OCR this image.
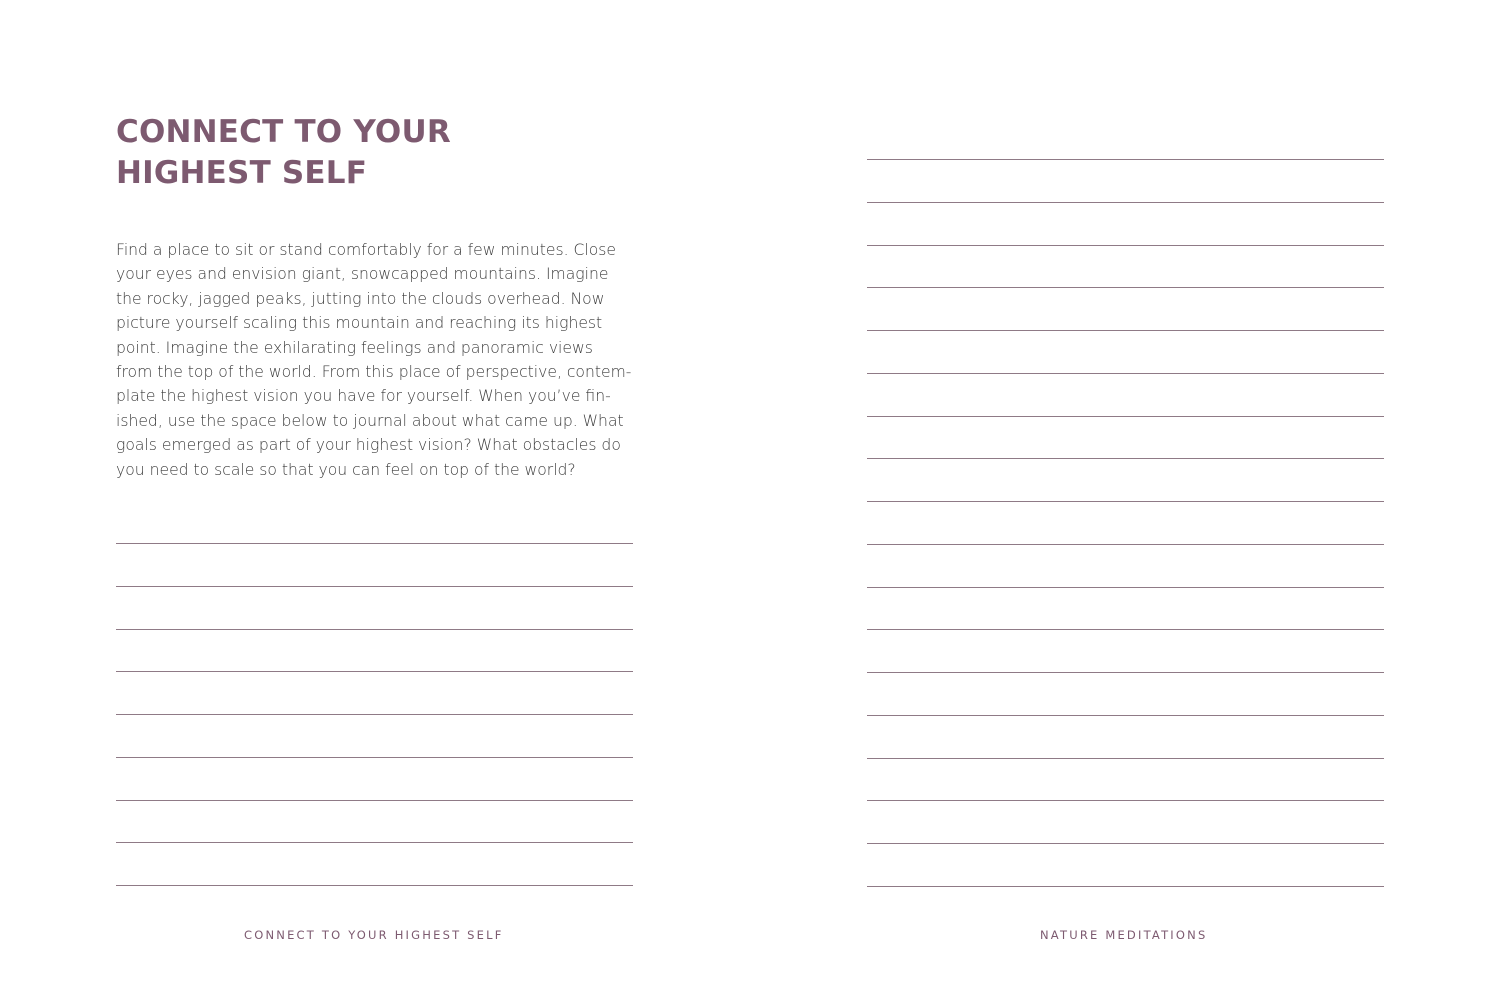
CONNECT TO YOUR
HIGHEST SELF

Find a place to sit or stand comfortably for a few minutes. Close
your eyes and envision giant, snowcapped mountains. Imagine
the rocky, jagged peaks, jutting into the clouds overhead. Now
picture yourself scaling this mountain and reaching its highest
point. Imagine the exhilarating feelings and panoramic views
from the top of the world. From this place of perspective, contem-
plate the highest vision you have for yourself. When you’ve fin-
ished, use the space below to journal about what came up. What
goals emerged as part of your highest vision? What obstacles do
you need to scale so that you can feel on top of the world?

CONNECT TO YOUR HIGHEST SELF	NATURE MEDITATIONS
